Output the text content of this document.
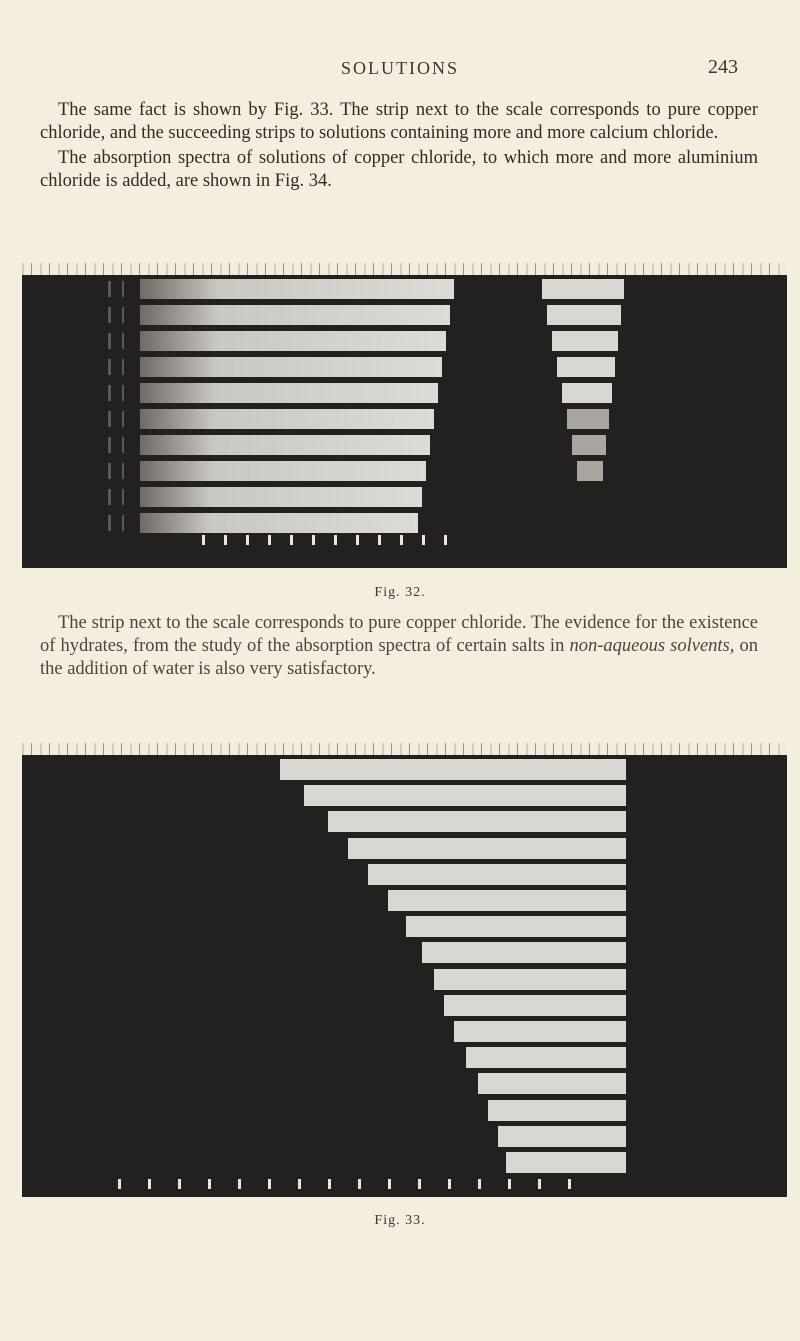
SOLUTIONS	243

The same fact is shown by Fig. 33. The strip next to the scale corresponds to pure copper chloride, and the succeeding strips to solutions containing more and more calcium chloride.

The absorption spectra of solutions of copper chloride, to which more and more aluminium chloride is added, are shown in Fig. 34.

Fig. 32.

The strip next to the scale corresponds to pure copper chloride. The evidence for the existence of hydrates, from the study of the absorption spectra of certain salts in non-aqueous solvents, on the addition of water is also very satisfactory.

Fig. 33.
